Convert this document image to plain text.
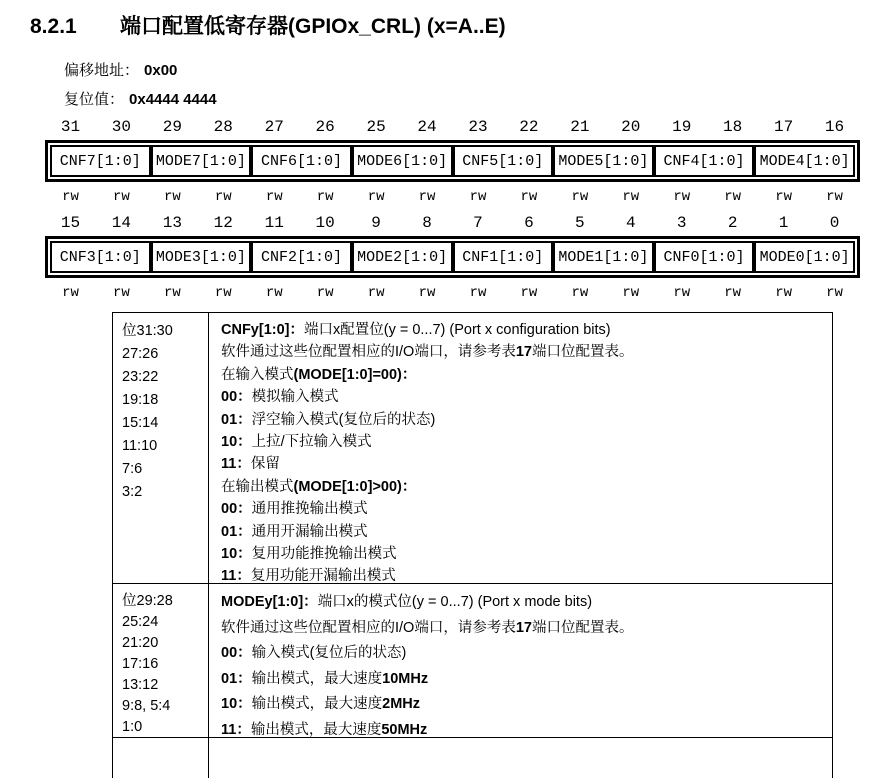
8.2.1	端口配置低寄存器(GPIOx_CRL) (x=A..E)
偏移地址： 0x00
复位值： 0x4444 4444
31	30	29	28	27	26	25	24	23	22	21	20	19	18	17	16
CNF7[1:0]	MODE7[1:0]	CNF6[1:0]	MODE6[1:0]	CNF5[1:0]	MODE5[1:0]	CNF4[1:0]	MODE4[1:0]
rw	rw	rw	rw	rw	rw	rw	rw	rw	rw	rw	rw	rw	rw	rw	rw
15	14	13	12	11	10	9	8	7	6	5	4	3	2	1	0
CNF3[1:0]	MODE3[1:0]	CNF2[1:0]	MODE2[1:0]	CNF1[1:0]	MODE1[1:0]	CNF0[1:0]	MODE0[1:0]
rw	rw	rw	rw	rw	rw	rw	rw	rw	rw	rw	rw	rw	rw	rw	rw
位31:30
27:26
23:22
19:18
15:14
11:10
7:6
3:2
CNFy[1:0]：端口x配置位(y = 0...7) (Port x configuration bits)
软件通过这些位配置相应的I/O端口，请参考表17端口位配置表。
在输入模式(MODE[1:0]=00)：
00：模拟输入模式
01：浮空输入模式(复位后的状态)
10：上拉/下拉输入模式
11：保留
在输出模式(MODE[1:0]>00)：
00：通用推挽输出模式
01：通用开漏输出模式
10：复用功能推挽输出模式
11：复用功能开漏输出模式
位29:28
25:24
21:20
17:16
13:12
9:8, 5:4
1:0
MODEy[1:0]：端口x的模式位(y = 0...7) (Port x mode bits)
软件通过这些位配置相应的I/O端口，请参考表17端口位配置表。
00：输入模式(复位后的状态)
01：输出模式，最大速度10MHz
10：输出模式，最大速度2MHz
11：输出模式，最大速度50MHz
